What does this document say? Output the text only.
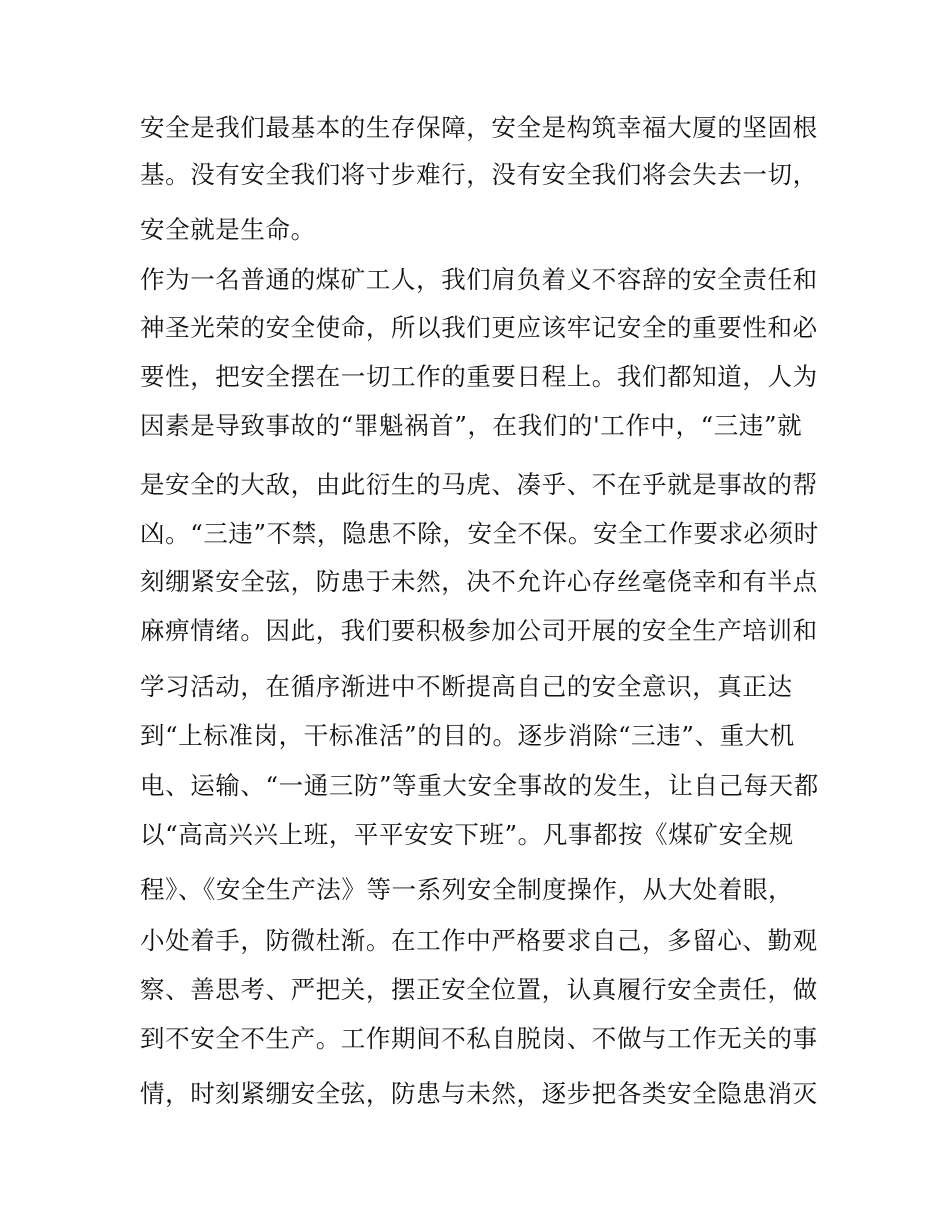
安全是我们最基本的生存保障，安全是构筑幸福大厦的坚固根
基。没有安全我们将寸步难行，没有安全我们将会失去一切，
安全就是生命。
作为一名普通的煤矿工人，我们肩负着义不容辞的安全责任和
神圣光荣的安全使命，所以我们更应该牢记安全的重要性和必
要性，把安全摆在一切工作的重要日程上。我们都知道，人为
因素是导致事故的“罪魁祸首”，在我们的'工作中，“三违”就
是安全的大敌，由此衍生的马虎、凑乎、不在乎就是事故的帮
凶。“三违”不禁，隐患不除，安全不保。安全工作要求必须时
刻绷紧安全弦，防患于未然，决不允许心存丝毫侥幸和有半点
麻痹情绪。因此，我们要积极参加公司开展的安全生产培训和
学习活动，在循序渐进中不断提高自己的安全意识，真正达
到“上标准岗，干标准活”的目的。逐步消除“三违”、重大机
电、运输、“一通三防”等重大安全事故的发生，让自己每天都
以“高高兴兴上班，平平安安下班”。凡事都按《煤矿安全规
程》、《安全生产法》等一系列安全制度操作，从大处着眼，
小处着手，防微杜渐。在工作中严格要求自己，多留心、勤观
察、善思考、严把关，摆正安全位置，认真履行安全责任，做
到不安全不生产。工作期间不私自脱岗、不做与工作无关的事
情，时刻紧绷安全弦，防患与未然，逐步把各类安全隐患消灭
